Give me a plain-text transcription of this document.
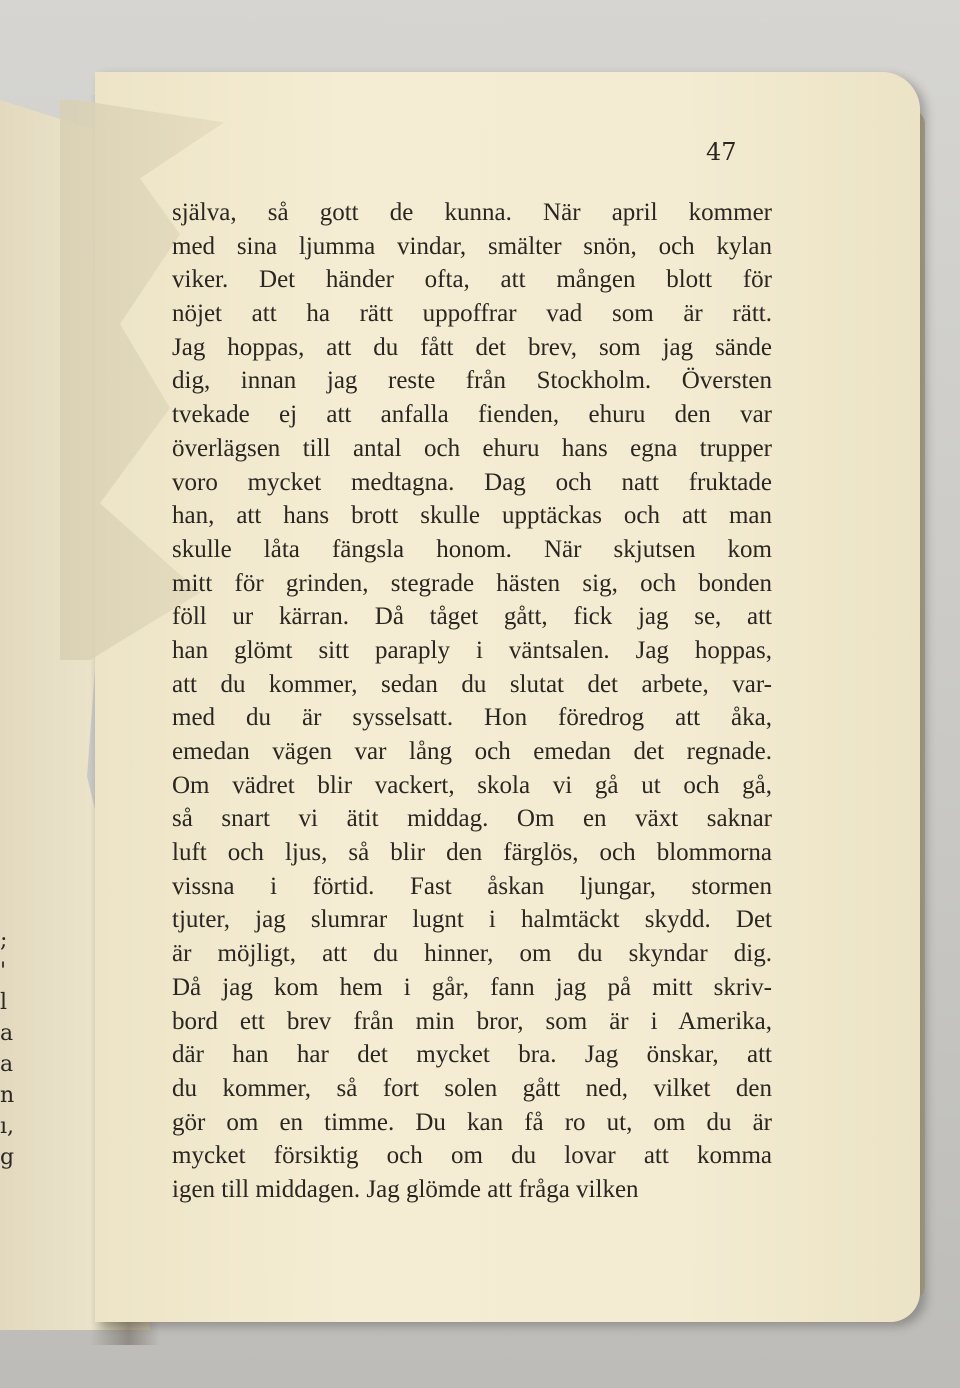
;
'
l
a
a
n
ı,
g
47
själva, så gott de kunna. När april kommer
med sina ljumma vindar, smälter snön, och kylan
viker. Det händer ofta, att mången blott för
nöjet att ha rätt uppoffrar vad som är rätt.
Jag hoppas, att du fått det brev, som jag sände
dig, innan jag reste från Stockholm. Översten
tvekade ej att anfalla fienden, ehuru den var
överlägsen till antal och ehuru hans egna trupper
voro mycket medtagna. Dag och natt fruktade
han, att hans brott skulle upptäckas och att man
skulle låta fängsla honom. När skjutsen kom
mitt för grinden, stegrade hästen sig, och bonden
föll ur kärran. Då tåget gått, fick jag se, att
han glömt sitt paraply i väntsalen. Jag hoppas,
att du kommer, sedan du slutat det arbete, var-
med du är sysselsatt. Hon föredrog att åka,
emedan vägen var lång och emedan det regnade.
Om vädret blir vackert, skola vi gå ut och gå,
så snart vi ätit middag. Om en växt saknar
luft och ljus, så blir den färglös, och blommorna
vissna i förtid. Fast åskan ljungar, stormen
tjuter, jag slumrar lugnt i halmtäckt skydd. Det
är möjligt, att du hinner, om du skyndar dig.
Då jag kom hem i går, fann jag på mitt skriv-
bord ett brev från min bror, som är i Amerika,
där han har det mycket bra. Jag önskar, att
du kommer, så fort solen gått ned, vilket den
gör om en timme. Du kan få ro ut, om du är
mycket försiktig och om du lovar att komma
igen till middagen. Jag glömde att fråga vilken
